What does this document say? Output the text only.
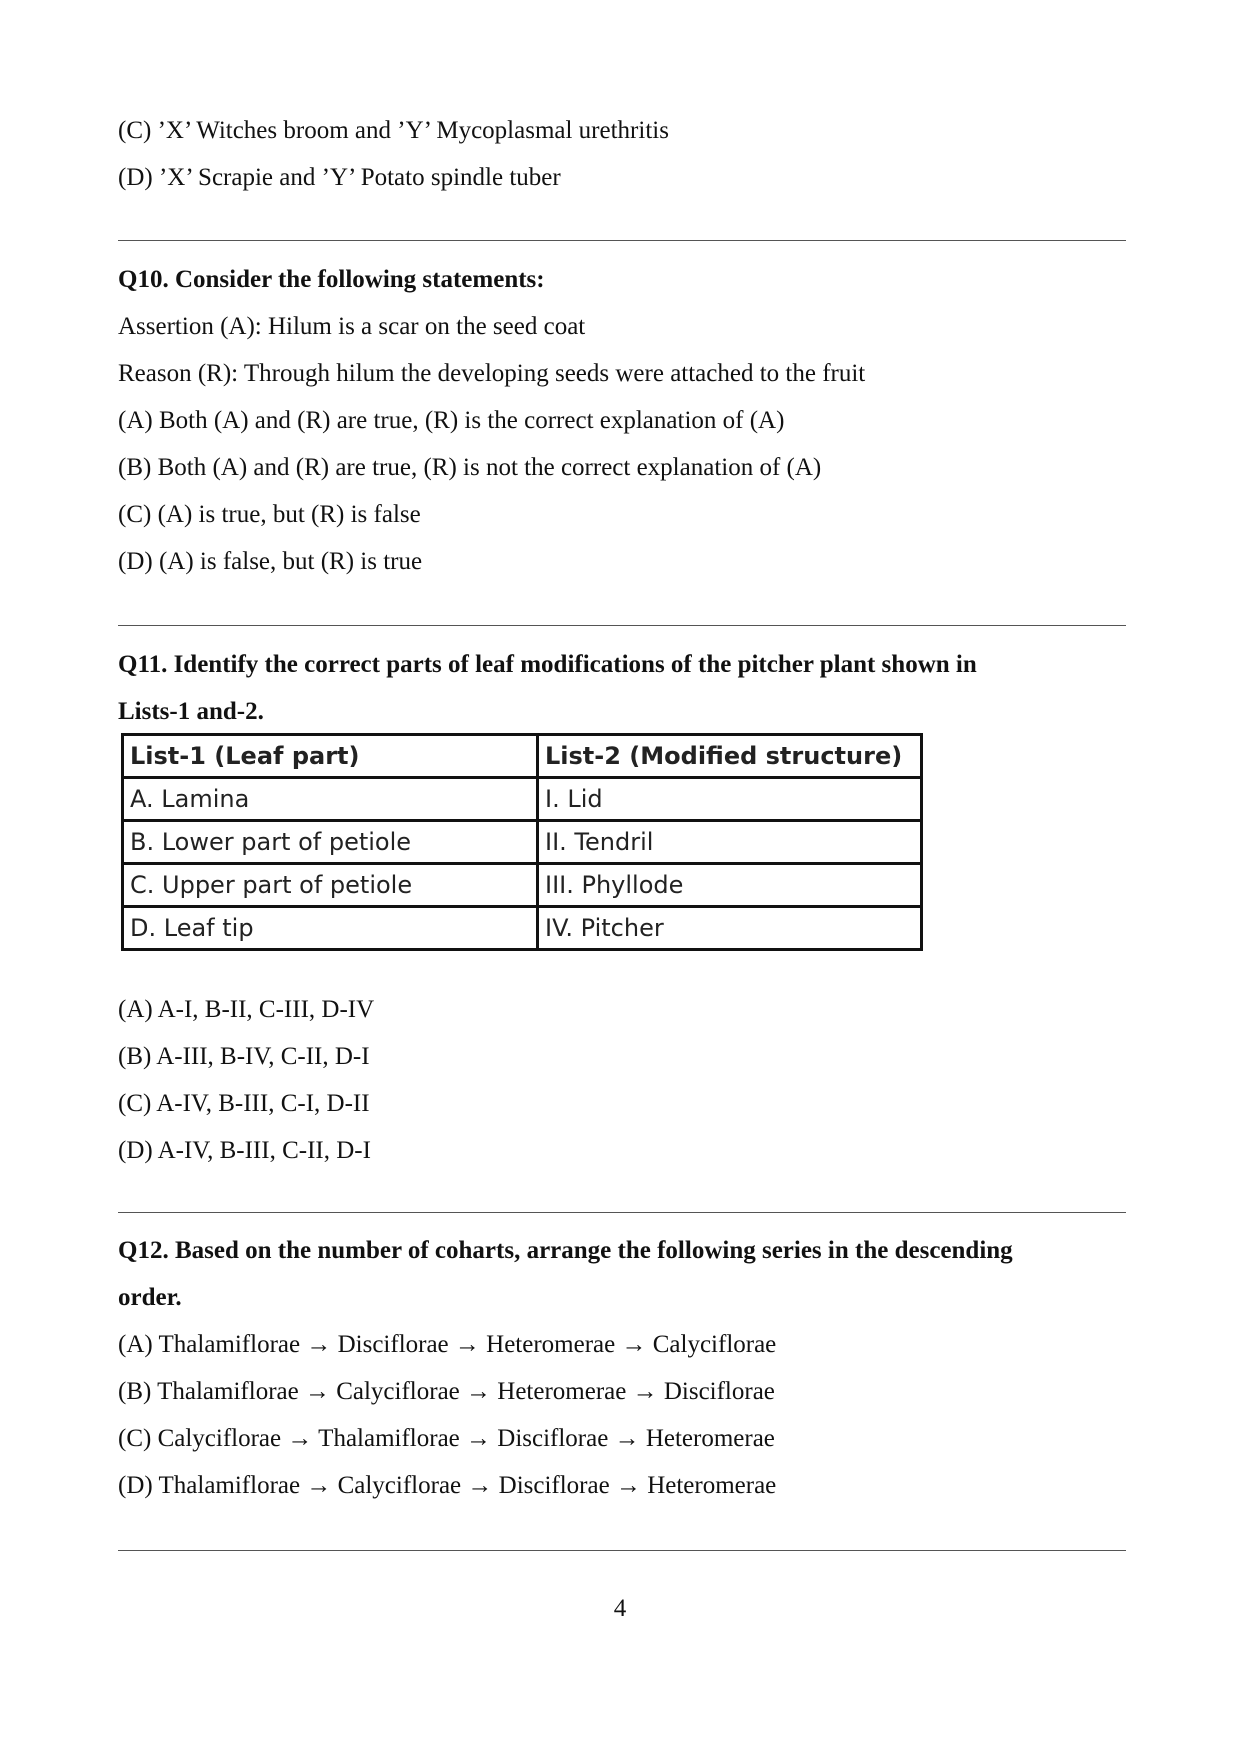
(C) ’X’ Witches broom and ’Y’ Mycoplasmal urethritis
(D) ’X’ Scrapie and ’Y’ Potato spindle tuber
Q10. Consider the following statements:
Assertion (A): Hilum is a scar on the seed coat
Reason (R): Through hilum the developing seeds were attached to the fruit
(A) Both (A) and (R) are true, (R) is the correct explanation of (A)
(B) Both (A) and (R) are true, (R) is not the correct explanation of (A)
(C) (A) is true, but (R) is false
(D) (A) is false, but (R) is true
Q11. Identify the correct parts of leaf modifications of the pitcher plant shown in
Lists-1 and-2.
List-1 (Leaf part)	List-2 (Modified structure)
A. Lamina	I. Lid
B. Lower part of petiole	II. Tendril
C. Upper part of petiole	III. Phyllode
D. Leaf tip	IV. Pitcher
(A) A-I, B-II, C-III, D-IV
(B) A-III, B-IV, C-II, D-I
(C) A-IV, B-III, C-I, D-II
(D) A-IV, B-III, C-II, D-I
Q12. Based on the number of coharts, arrange the following series in the descending
order.
(A) Thalamiflorae → Disciflorae → Heteromerae → Calyciflorae
(B) Thalamiflorae → Calyciflorae → Heteromerae → Disciflorae
(C) Calyciflorae → Thalamiflorae → Disciflorae → Heteromerae
(D) Thalamiflorae → Calyciflorae → Disciflorae → Heteromerae
4
